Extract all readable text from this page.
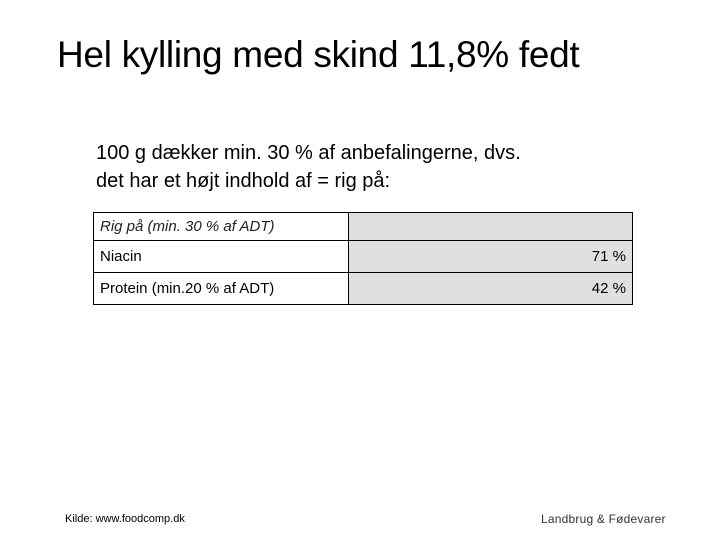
Hel kylling med skind 11,8% fedt
100 g dækker min. 30 % af anbefalingerne, dvs.
det har et højt indhold af = rig på:
Rig på (min. 30 % af ADT)	
Niacin	71 %
Protein (min.20 % af ADT)	42 %
Kilde: www.foodcomp.dk	Landbrug & Fødevarer
